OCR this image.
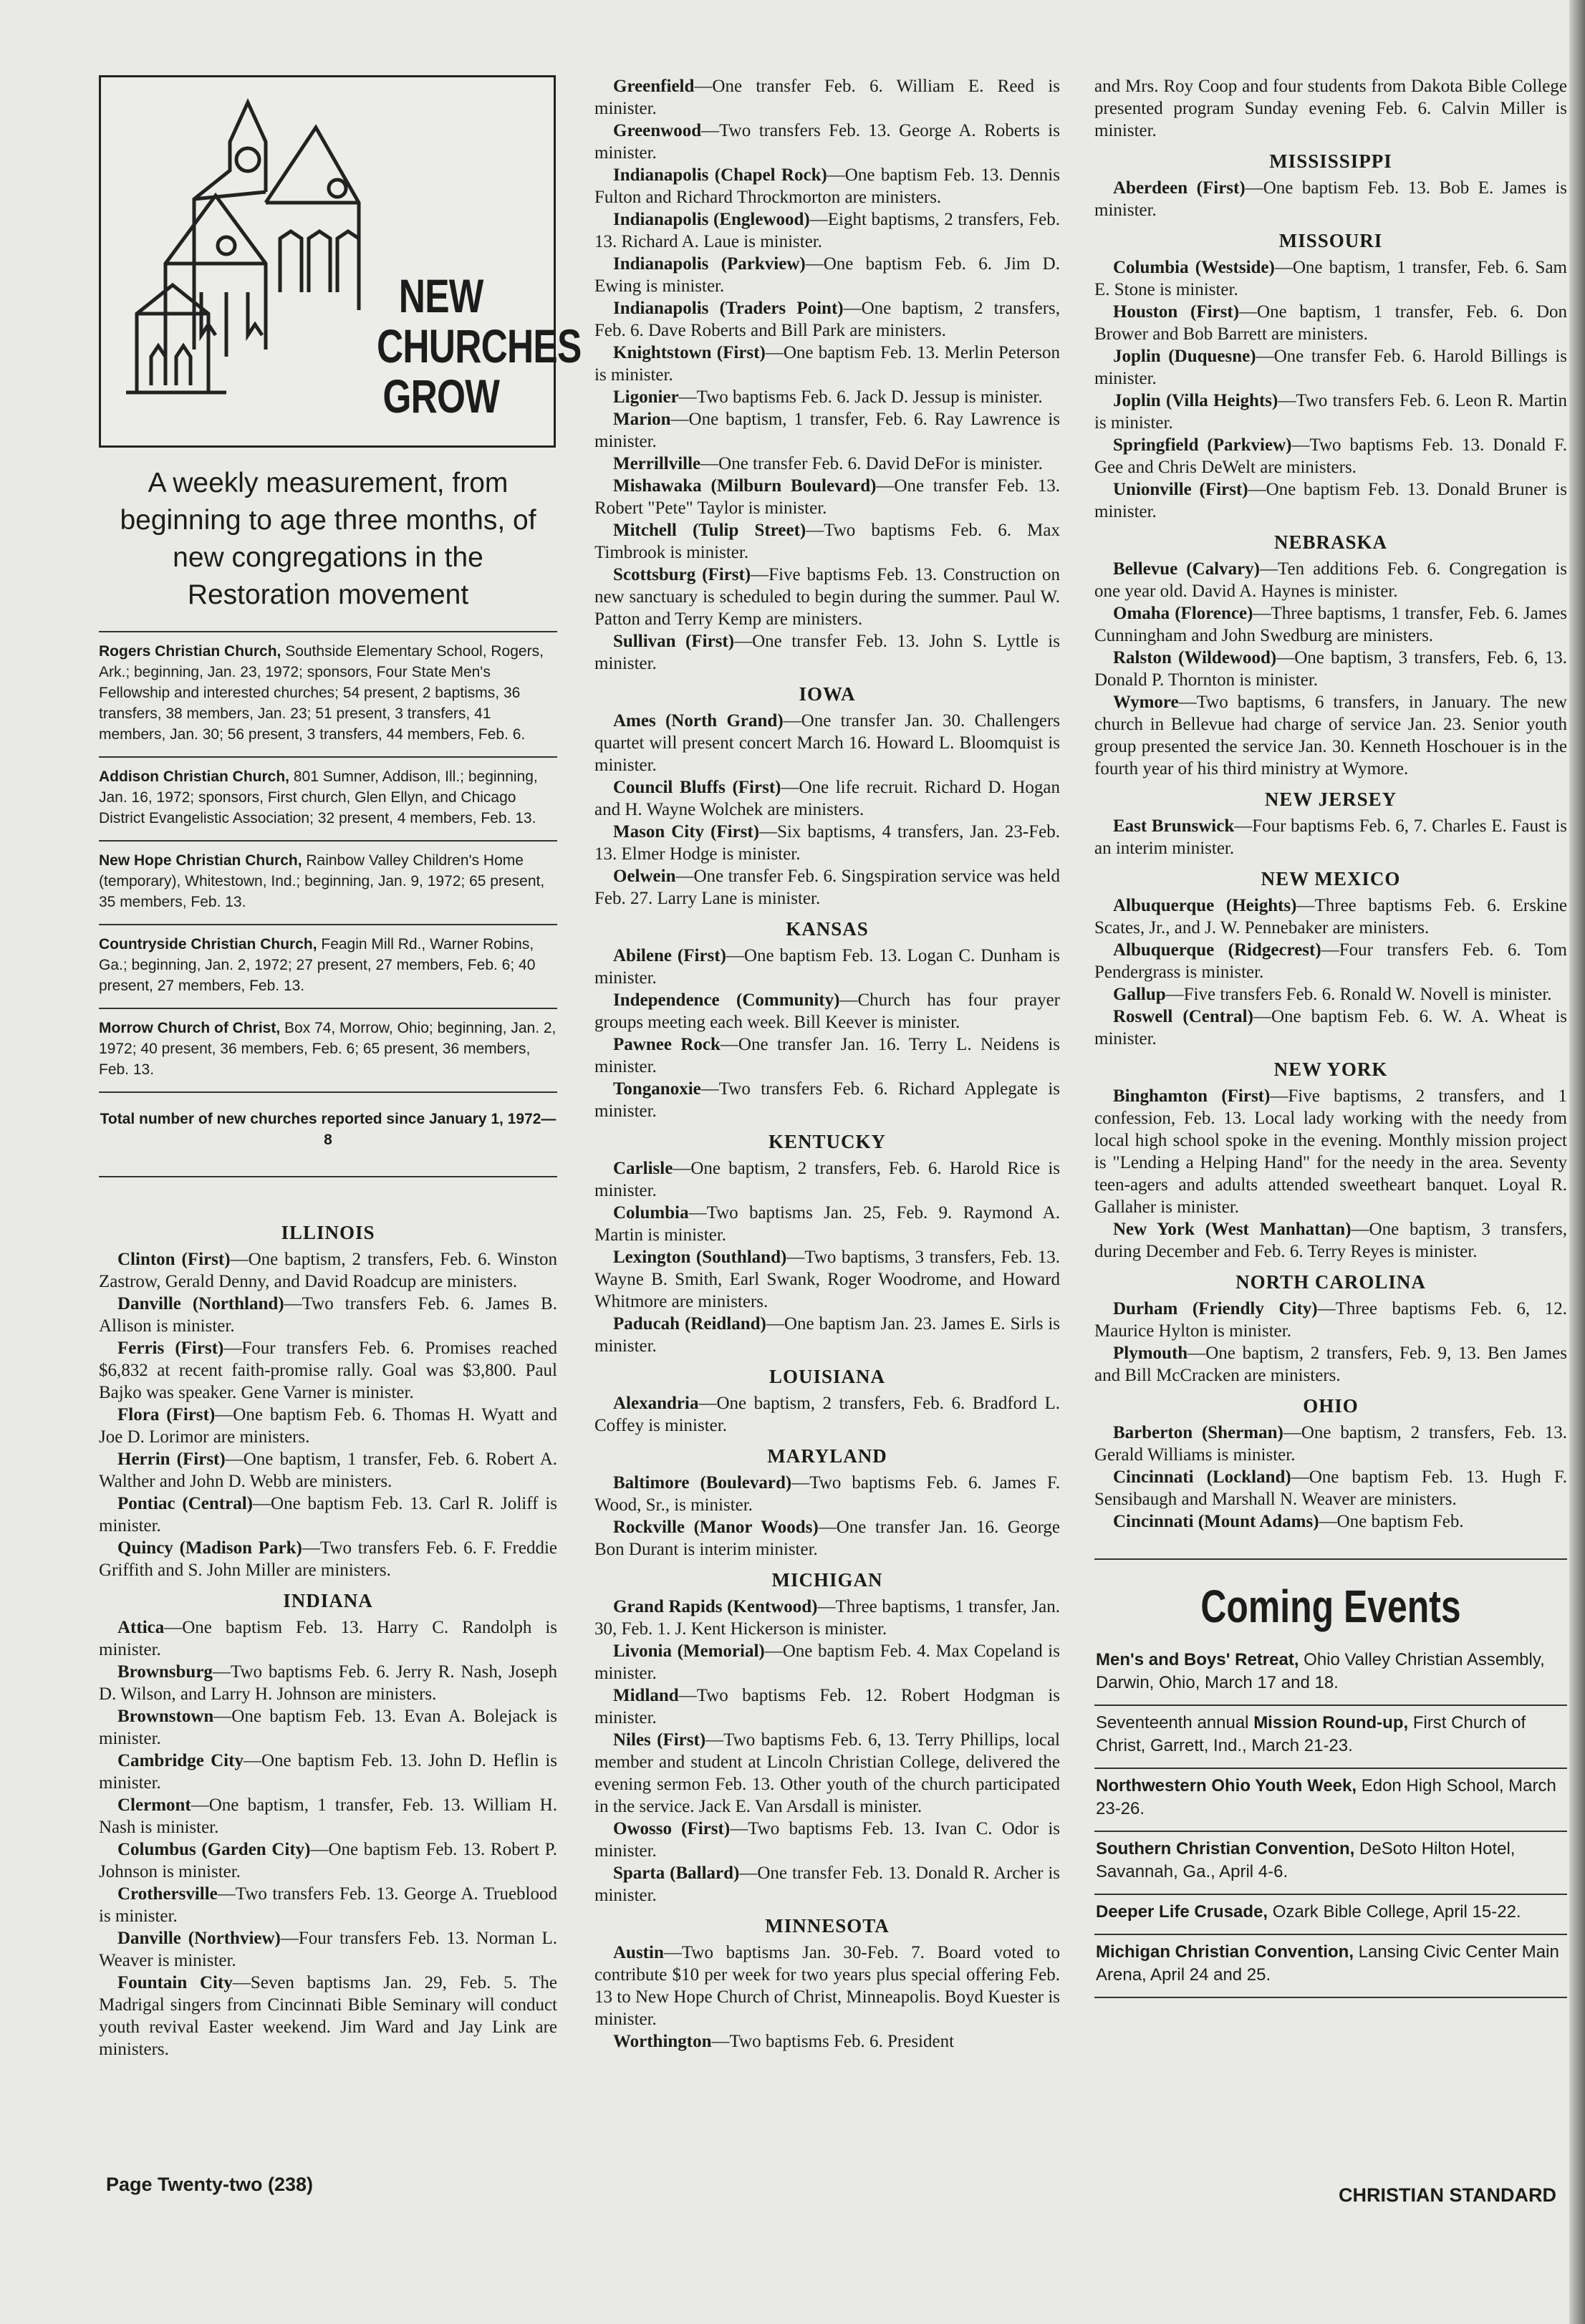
NEW
CHURCHES
GROW
A weekly measurement, from beginning to age three months, of new congregations in the Restoration movement

Rogers Christian Church, Southside Elementary School, Rogers, Ark.; beginning, Jan. 23, 1972; sponsors, Four State Men's Fellowship and interested churches; 54 present, 2 baptisms, 36 transfers, 38 members, Jan. 23; 51 present, 3 transfers, 41 members, Jan. 30; 56 present, 3 transfers, 44 members, Feb. 6.

Addison Christian Church, 801 Sumner, Addison, Ill.; beginning, Jan. 16, 1972; sponsors, First church, Glen Ellyn, and Chicago District Evangelistic Association; 32 present, 4 members, Feb. 13.

New Hope Christian Church, Rainbow Valley Children's Home (temporary), Whitestown, Ind.; beginning, Jan. 9, 1972; 65 present, 35 members, Feb. 13.

Countryside Christian Church, Feagin Mill Rd., Warner Robins, Ga.; beginning, Jan. 2, 1972; 27 present, 27 members, Feb. 6; 40 present, 27 members, Feb. 13.

Morrow Church of Christ, Box 74, Morrow, Ohio; beginning, Jan. 2, 1972; 40 present, 36 members, Feb. 6; 65 present, 36 members, Feb. 13.

Total number of new churches reported since January 1, 1972—8
ILLINOIS

Clinton (First)—One baptism, 2 transfers, Feb. 6. Winston Zastrow, Gerald Denny, and David Roadcup are ministers.

Danville (Northland)—Two transfers Feb. 6. James B. Allison is minister.

Ferris (First)—Four transfers Feb. 6. Promises reached $6,832 at recent faith-promise rally. Goal was $3,800. Paul Bajko was speaker. Gene Varner is minister.

Flora (First)—One baptism Feb. 6. Thomas H. Wyatt and Joe D. Lorimor are ministers.

Herrin (First)—One baptism, 1 transfer, Feb. 6. Robert A. Walther and John D. Webb are ministers.

Pontiac (Central)—One baptism Feb. 13. Carl R. Joliff is minister.

Quincy (Madison Park)—Two transfers Feb. 6. F. Freddie Griffith and S. John Miller are ministers.

INDIANA

Attica—One baptism Feb. 13. Harry C. Randolph is minister.

Brownsburg—Two baptisms Feb. 6. Jerry R. Nash, Joseph D. Wilson, and Larry H. Johnson are ministers.

Brownstown—One baptism Feb. 13. Evan A. Bolejack is minister.

Cambridge City—One baptism Feb. 13. John D. Heflin is minister.

Clermont—One baptism, 1 transfer, Feb. 13. William H. Nash is minister.

Columbus (Garden City)—One baptism Feb. 13. Robert P. Johnson is minister.

Crothersville—Two transfers Feb. 13. George A. Trueblood is minister.

Danville (Northview)—Four transfers Feb. 13. Norman L. Weaver is minister.

Fountain City—Seven baptisms Jan. 29, Feb. 5. The Madrigal singers from Cincinnati Bible Seminary will conduct youth revival Easter weekend. Jim Ward and Jay Link are ministers.

Greenfield—One transfer Feb. 6. William E. Reed is minister.

Greenwood—Two transfers Feb. 13. George A. Roberts is minister.

Indianapolis (Chapel Rock)—One baptism Feb. 13. Dennis Fulton and Richard Throckmorton are ministers.

Indianapolis (Englewood)—Eight baptisms, 2 transfers, Feb. 13. Richard A. Laue is minister.

Indianapolis (Parkview)—One baptism Feb. 6. Jim D. Ewing is minister.

Indianapolis (Traders Point)—One baptism, 2 transfers, Feb. 6. Dave Roberts and Bill Park are ministers.

Knightstown (First)—One baptism Feb. 13. Merlin Peterson is minister.

Ligonier—Two baptisms Feb. 6. Jack D. Jessup is minister.

Marion—One baptism, 1 transfer, Feb. 6. Ray Lawrence is minister.

Merrillville—One transfer Feb. 6. David DeFor is minister.

Mishawaka (Milburn Boulevard)—One transfer Feb. 13. Robert "Pete" Taylor is minister.

Mitchell (Tulip Street)—Two baptisms Feb. 6. Max Timbrook is minister.

Scottsburg (First)—Five baptisms Feb. 13. Construction on new sanctuary is scheduled to begin during the summer. Paul W. Patton and Terry Kemp are ministers.

Sullivan (First)—One transfer Feb. 13. John S. Lyttle is minister.

IOWA

Ames (North Grand)—One transfer Jan. 30. Challengers quartet will present concert March 16. Howard L. Bloomquist is minister.

Council Bluffs (First)—One life recruit. Richard D. Hogan and H. Wayne Wolchek are ministers.

Mason City (First)—Six baptisms, 4 transfers, Jan. 23-Feb. 13. Elmer Hodge is minister.

Oelwein—One transfer Feb. 6. Singspiration service was held Feb. 27. Larry Lane is minister.

KANSAS

Abilene (First)—One baptism Feb. 13. Logan C. Dunham is minister.

Independence (Community)—Church has four prayer groups meeting each week. Bill Keever is minister.

Pawnee Rock—One transfer Jan. 16. Terry L. Neidens is minister.

Tonganoxie—Two transfers Feb. 6. Richard Applegate is minister.

KENTUCKY

Carlisle—One baptism, 2 transfers, Feb. 6. Harold Rice is minister.

Columbia—Two baptisms Jan. 25, Feb. 9. Raymond A. Martin is minister.

Lexington (Southland)—Two baptisms, 3 transfers, Feb. 13. Wayne B. Smith, Earl Swank, Roger Woodrome, and Howard Whitmore are ministers.

Paducah (Reidland)—One baptism Jan. 23. James E. Sirls is minister.

LOUISIANA

Alexandria—One baptism, 2 transfers, Feb. 6. Bradford L. Coffey is minister.

MARYLAND

Baltimore (Boulevard)—Two baptisms Feb. 6. James F. Wood, Sr., is minister.

Rockville (Manor Woods)—One transfer Jan. 16. George Bon Durant is interim minister.

MICHIGAN

Grand Rapids (Kentwood)—Three baptisms, 1 transfer, Jan. 30, Feb. 1. J. Kent Hickerson is minister.

Livonia (Memorial)—One baptism Feb. 4. Max Copeland is minister.

Midland—Two baptisms Feb. 12. Robert Hodgman is minister.

Niles (First)—Two baptisms Feb. 6, 13. Terry Phillips, local member and student at Lincoln Christian College, delivered the evening sermon Feb. 13. Other youth of the church participated in the service. Jack E. Van Arsdall is minister.

Owosso (First)—Two baptisms Feb. 13. Ivan C. Odor is minister.

Sparta (Ballard)—One transfer Feb. 13. Donald R. Archer is minister.

MINNESOTA

Austin—Two baptisms Jan. 30-Feb. 7. Board voted to contribute $10 per week for two years plus special offering Feb. 13 to New Hope Church of Christ, Minneapolis. Boyd Kuester is minister.

Worthington—Two baptisms Feb. 6. President

and Mrs. Roy Coop and four students from Dakota Bible College presented program Sunday evening Feb. 6. Calvin Miller is minister.

MISSISSIPPI

Aberdeen (First)—One baptism Feb. 13. Bob E. James is minister.

MISSOURI

Columbia (Westside)—One baptism, 1 transfer, Feb. 6. Sam E. Stone is minister.

Houston (First)—One baptism, 1 transfer, Feb. 6. Don Brower and Bob Barrett are ministers.

Joplin (Duquesne)—One transfer Feb. 6. Harold Billings is minister.

Joplin (Villa Heights)—Two transfers Feb. 6. Leon R. Martin is minister.

Springfield (Parkview)—Two baptisms Feb. 13. Donald F. Gee and Chris DeWelt are ministers.

Unionville (First)—One baptism Feb. 13. Donald Bruner is minister.

NEBRASKA

Bellevue (Calvary)—Ten additions Feb. 6. Congregation is one year old. David A. Haynes is minister.

Omaha (Florence)—Three baptisms, 1 transfer, Feb. 6. James Cunningham and John Swedburg are ministers.

Ralston (Wildewood)—One baptism, 3 transfers, Feb. 6, 13. Donald P. Thornton is minister.

Wymore—Two baptisms, 6 transfers, in January. The new church in Bellevue had charge of service Jan. 23. Senior youth group presented the service Jan. 30. Kenneth Hoschouer is in the fourth year of his third ministry at Wymore.

NEW JERSEY

East Brunswick—Four baptisms Feb. 6, 7. Charles E. Faust is an interim minister.

NEW MEXICO

Albuquerque (Heights)—Three baptisms Feb. 6. Erskine Scates, Jr., and J. W. Pennebaker are ministers.

Albuquerque (Ridgecrest)—Four transfers Feb. 6. Tom Pendergrass is minister.

Gallup—Five transfers Feb. 6. Ronald W. Novell is minister.

Roswell (Central)—One baptism Feb. 6. W. A. Wheat is minister.

NEW YORK

Binghamton (First)—Five baptisms, 2 transfers, and 1 confession, Feb. 13. Local lady working with the needy from local high school spoke in the evening. Monthly mission project is "Lending a Helping Hand" for the needy in the area. Seventy teen-agers and adults attended sweetheart banquet. Loyal R. Gallaher is minister.

New York (West Manhattan)—One baptism, 3 transfers, during December and Feb. 6. Terry Reyes is minister.

NORTH CAROLINA

Durham (Friendly City)—Three baptisms Feb. 6, 12. Maurice Hylton is minister.

Plymouth—One baptism, 2 transfers, Feb. 9, 13. Ben James and Bill McCracken are ministers.

OHIO

Barberton (Sherman)—One baptism, 2 transfers, Feb. 13. Gerald Williams is minister.

Cincinnati (Lockland)—One baptism Feb. 13. Hugh F. Sensibaugh and Marshall N. Weaver are ministers.

Cincinnati (Mount Adams)—One baptism Feb.

Coming Events

Men's and Boys' Retreat, Ohio Valley Christian Assembly, Darwin, Ohio, March 17 and 18.

Seventeenth annual Mission Round-up, First Church of Christ, Garrett, Ind., March 21-23.

Northwestern Ohio Youth Week, Edon High School, March 23-26.

Southern Christian Convention, DeSoto Hilton Hotel, Savannah, Ga., April 4-6.

Deeper Life Crusade, Ozark Bible College, April 15-22.

Michigan Christian Convention, Lansing Civic Center Main Arena, April 24 and 25.

Page Twenty-two (238)	CHRISTIAN STANDARD
